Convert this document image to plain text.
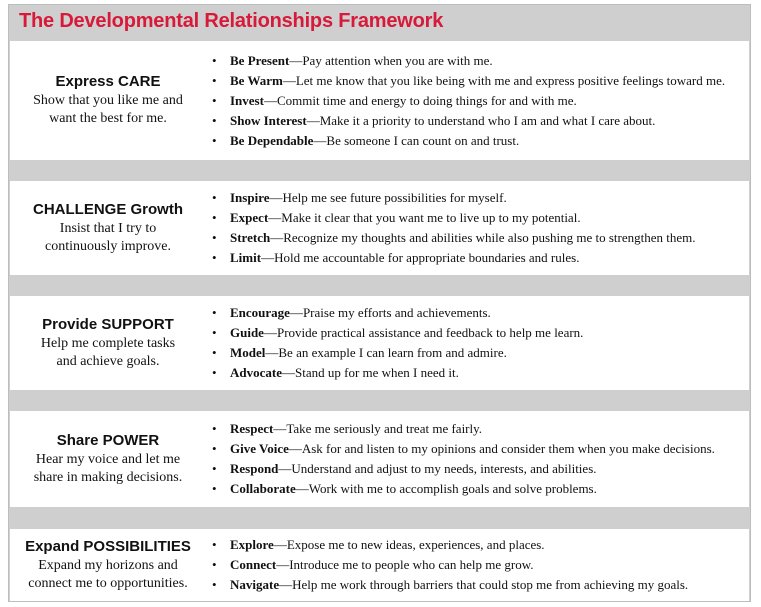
The Developmental Relationships Framework
Express CARE
Show that you like me and
want the best for me.
•	Be Present —Pay attention when you are with me.
•	Be Warm —Let me know that you like being with me and express positive feelings toward me.
•	Invest —Commit time and energy to doing things for and with me.
•	Show Interest —Make it a priority to understand who I am and what I care about.
•	Be Dependable —Be someone I can count on and trust.
CHALLENGE Growth
Insist that I try to
continuously improve.
•	Inspire —Help me see future possibilities for myself.
•	Expect —Make it clear that you want me to live up to my potential.
•	Stretch —Recognize my thoughts and abilities while also pushing me to strengthen them.
•	Limit —Hold me accountable for appropriate boundaries and rules.
Provide SUPPORT
Help me complete tasks
and achieve goals.
•	Encourage —Praise my efforts and achievements.
•	Guide —Provide practical assistance and feedback to help me learn.
•	Model —Be an example I can learn from and admire.
•	Advocate —Stand up for me when I need it.
Share POWER
Hear my voice and let me
share in making decisions.
•	Respect —Take me seriously and treat me fairly.
•	Give Voice —Ask for and listen to my opinions and consider them when you make decisions.
•	Respond —Understand and adjust to my needs, interests, and abilities.
•	Collaborate —Work with me to accomplish goals and solve problems.
Expand POSSIBILITIES
Expand my horizons and
connect me to opportunities.
•	Explore —Expose me to new ideas, experiences, and places.
•	Connect —Introduce me to people who can help me grow.
•	Navigate —Help me work through barriers that could stop me from achieving my goals.
